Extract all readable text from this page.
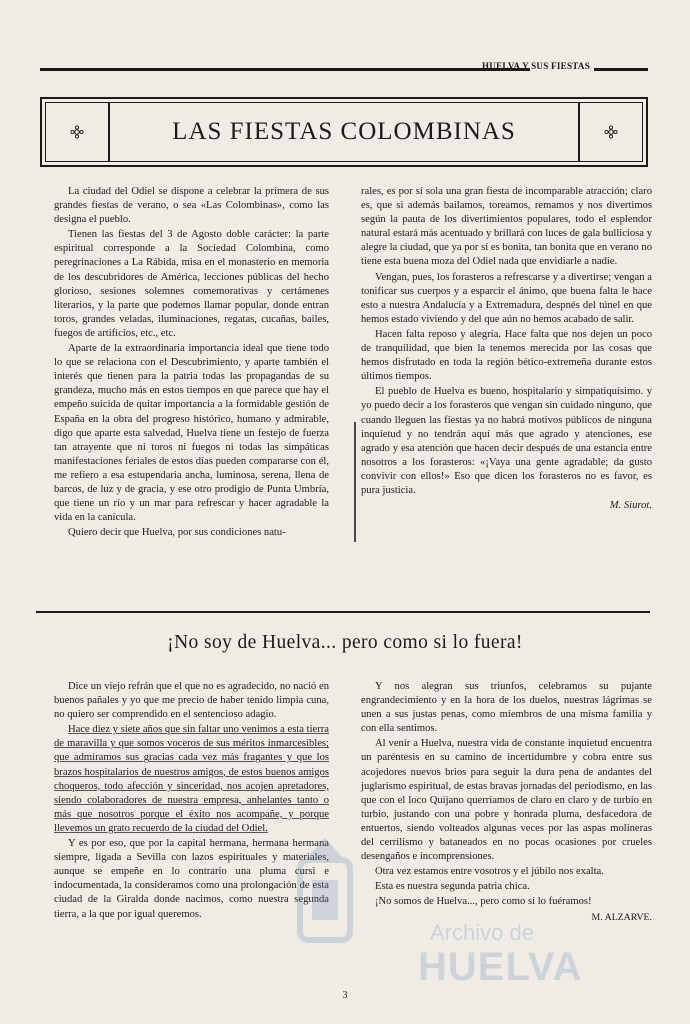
HUELVA Y SUS FIESTAS
LAS FIESTAS COLOMBINAS

La ciudad del Odiel se dispone a celebrar la primera de sus grandes fiestas de verano, o sea «Las Colombinas», como las designa el pueblo.

Tienen las fiestas del 3 de Agosto doble carácter: la parte espiritual corresponde a la Sociedad Colombina, como peregrinaciones a La Rábida, misa en el monasterio en memoria de los descubridores de América, lecciones públicas del hecho glorioso, sesiones solemnes comemorativas y certámenes literarios, y la parte que podemos llamar popular, donde entran toros, grandes veladas, iluminaciones, regatas, cucañas, bailes, fuegos de artificios, etc., etc.

Aparte de la extraordinaria importancia ideal que tiene todo lo que se relaciona con el Descubrimiento, y aparte también el interés que tienen para la patria todas las propagandas de su grandeza, mucho más en estos tiempos en que parece que hay el empeño suicida de quitar importancia a la formidable gestión de España en la obra del progreso histórico, humano y admirable, digo que aparte esta salvedad, Huelva tiene un festejo de fuerza tan atrayente que ni toros ni fuegos ni todas las simpáticas manifestaciones feriales de estos días pueden compararse con él, me refiero a esa estupendaria ancha, luminosa, serena, llena de barcos, de luz y de gracia, y ese otro prodigio de Punta Umbría, que tiene un río y un mar para refrescar y hacer agradable la vida en la canícula.

Quiero decir que Huelva, por sus condiciones natu-

rales, es por sí sola una gran fiesta de incomparable atracción; claro es, que si además bailamos, toreamos, remamos y nos divertimos según la pauta de los divertimientos populares, todo el esplendor natural estará más acentuado y brillará con luces de gala bulliciosa y alegre la ciudad, que ya por sí es bonita, tan bonita que en verano no tiene esta buena moza del Odiel nada que envidiarle a nadie.

Vengan, pues, los forasteros a refrescarse y a divertirse; vengan a tonificar sus cuerpos y a esparcir el ánimo, que buena falta le hace esto a nuestra Andalucía y a Extremadura, despnés del túnel en que hemos estado viviendo y del que aún no hemos acabado de salir.

Hacen falta reposo y alegría. Hace falta que nos dejen un poco de tranquilidad, que bien la tenemos merecida por las cosas que hemos disfrutado en toda la región bético-extremeña durante estos últimos tiempos.

El pueblo de Huelva es bueno, hospitalario y simpatiquísimo. y yo puedo decir a los forasteros que vengan sin cuidado ninguno, que cuando lleguen las fiestas ya no habrá motivos públicos de ninguna inquietud y no tendrán aquí más que agrado y atenciones, ese agrado y esa atención que hacen decir después de una estancia entre nosotros a los forasteros: «¡Vaya una gente agradable; da gusto convivir con ellos!» Eso que dicen los forasteros no es favor, es pura justicia.

M. Siurot.

¡No soy de Huelva... pero como si lo fuera!

Dice un viejo refrán que el que no es agradecido, no nació en buenos pañales y yo que me precio de haber tenido limpia cuna, no quiero ser comprendido en el sentencioso adagio.

Hace diez y siete años que sin faltar uno venimos a esta tierra de maravilla y que somos voceros de sus méritos inmarcesibles; que admiramos sus gracias cada vez más fragantes y que los brazos hospitalarios de nuestros amigos, de estos buenos amigos choqueros, todo afección y sinceridad, nos acojen apretadores, siendo colaboradores de nuestra empresa, anhelantes tanto o más que nosotros porque el éxito nos acompañe, y porque llevemos un grato recuerdo de la ciudad del Odiel.

Y es por eso, que por la capital hermana, hermana hermana siempre, ligada a Sevilla con lazos espirituales y materiales, aunque se empeñe en lo contrario una pluma cursi e indocumentada, la consideramos como una prolongación de esta ciudad de la Giralda donde nacimos, como nuestra segunda tierra, a la que por igual queremos.

Y nos alegran sus triunfos, celebramos su pujante engrandecimiento y en la hora de los duelos, nuestras lágrimas se unen a sus justas penas, como miembros de una misma familia y con ella sentimos.

Al venir a Huelva, nuestra vida de constante inquietud encuentra un paréntesis en su camino de incertidumbre y cobra entre sus acojedores nuevos brios para seguir la dura pena de andantes del juglarismo espiritual, de estas bravas jornadas del periodismo, en las que con el loco Quijano querríamos de claro en claro y de turbio en turbio, justando con una pobre y honrada pluma, desfacedora de entuertos, siendo volteados algunas veces por las aspas molineras del cerrilismo y bataneados en no pocas ocasiones por crueles desengaños e incomprensiones.

Otra vez estamos entre vosotros y el júbilo nos exalta.

Esta es nuestra segunda patria chica.

¡No somos de Huelva..., pero como si lo fuéramos!

M. ALZARVE.

Archivo de
HUELVA
3
